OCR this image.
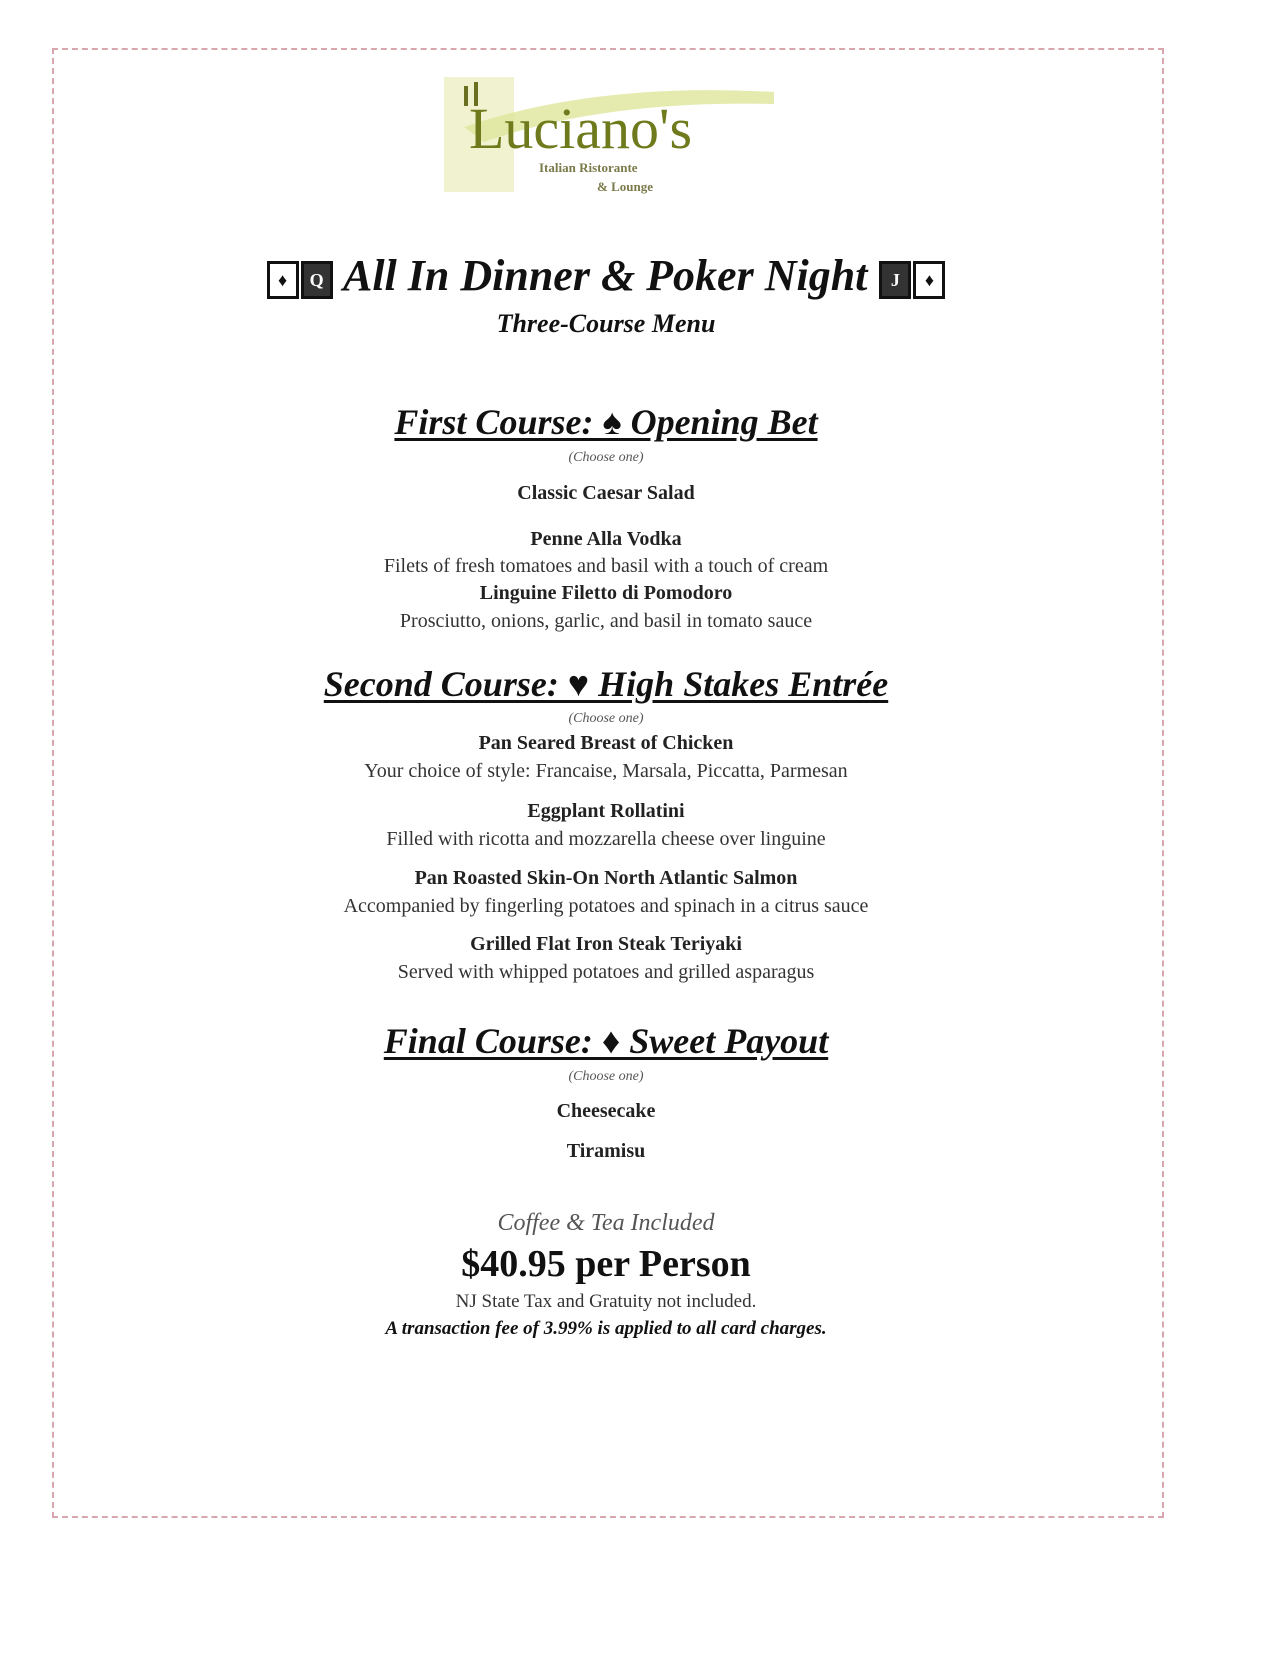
Luciano's
Italian Ristorante
& Lounge
♦ Q All In Dinner & Poker Night J ♦
Three-Course Menu
First Course: ♠ Opening Bet
(Choose one)
Classic Caesar Salad
Penne Alla Vodka
Filets of fresh tomatoes and basil with a touch of cream
Linguine Filetto di Pomodoro
Prosciutto, onions, garlic, and basil in tomato sauce
Second Course: ♥ High Stakes Entrée
(Choose one)
Pan Seared Breast of Chicken
Your choice of style: Francaise, Marsala, Piccatta, Parmesan
Eggplant Rollatini
Filled with ricotta and mozzarella cheese over linguine
Pan Roasted Skin-On North Atlantic Salmon
Accompanied by fingerling potatoes and spinach in a citrus sauce
Grilled Flat Iron Steak Teriyaki
Served with whipped potatoes and grilled asparagus
Final Course: ♦ Sweet Payout
(Choose one)
Cheesecake
Tiramisu
Coffee & Tea Included
$40.95 per Person
NJ State Tax and Gratuity not included.
A transaction fee of 3.99% is applied to all card charges.
